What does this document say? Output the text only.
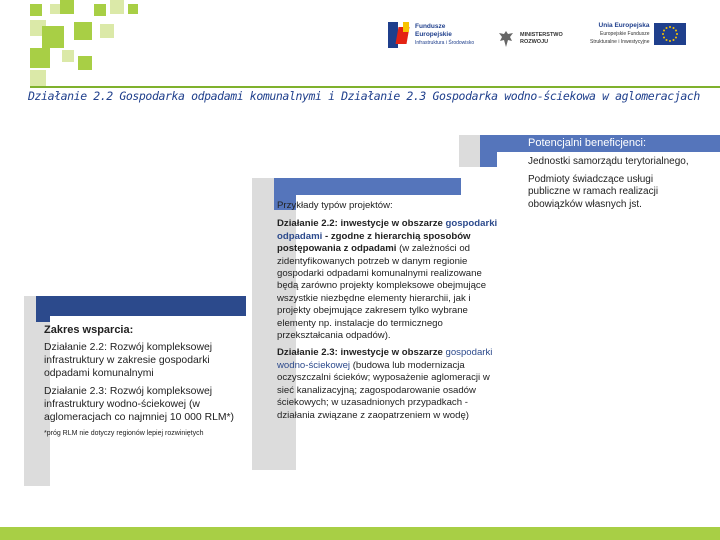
Fundusze
Europejskie
Infrastruktura i Środowisko
MINISTERSTWO
ROZWOJU
Unia Europejska
Europejskie Fundusze
Strukturalne i Inwestycyjne
Działanie 2.2 Gospodarka odpadami komunalnymi i Działanie 2.3 Gospodarka wodno-ściekowa w aglomeracjach
Potencjalni beneficjenci:

Jednostki samorządu terytorialnego,

Podmioty świadczące usługi publiczne w ramach realizacji obowiązków własnych jst.

Przykłady typów projektów:

Działanie 2.2: inwestycje w obszarze gospodarki odpadami - zgodne z hierarchią sposobów postępowania z odpadami (w zależności od zidentyfikowanych potrzeb w danym regionie gospodarki odpadami komunalnymi realizowane będą zarówno projekty kompleksowe obejmujące wszystkie niezbędne elementy hierarchii, jak i projekty obejmujące zakresem tylko wybrane elementy np. instalacje do termicznego przekształcania odpadów).

Działanie 2.3: inwestycje w obszarze gospodarki wodno-ściekowej (budowa lub modernizacja oczyszczalni ścieków; wyposażenie aglomeracji w sieć kanalizacyjną; zagospodarowanie osadów ściekowych; w uzasadnionych przypadkach - działania związane z zaopatrzeniem w wodę)

Zakres wsparcia:

Działanie 2.2: Rozwój kompleksowej infrastruktury w zakresie gospodarki odpadami komunalnymi

Działanie 2.3: Rozwój kompleksowej infrastruktury wodno-ściekowej (w aglomeracjach co najmniej 10 000 RLM*)

*próg RLM nie dotyczy regionów lepiej rozwiniętych
